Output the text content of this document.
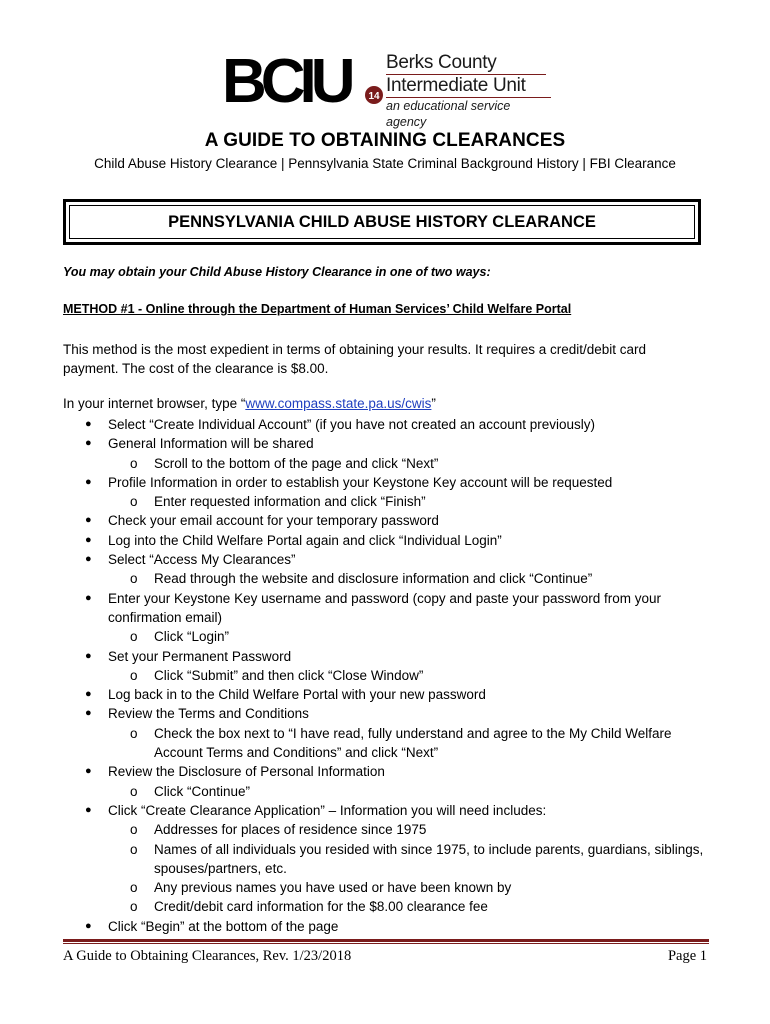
BCIU 14
Berks County
Intermediate Unit
an educational service agency
A GUIDE TO OBTAINING CLEARANCES
Child Abuse History Clearance | Pennsylvania State Criminal Background History | FBI Clearance
PENNSYLVANIA CHILD ABUSE HISTORY CLEARANCE
You may obtain your Child Abuse History Clearance in one of two ways:
METHOD #1 - Online through the Department of Human Services’ Child Welfare Portal
This method is the most expedient in terms of obtaining your results. It requires a credit/debit card payment. The cost of the clearance is $8.00.
In your internet browser, type “www.compass.state.pa.us/cwis”
● Select “Create Individual Account” (if you have not created an account previously)
● General Information will be shared
o Scroll to the bottom of the page and click “Next”
● Profile Information in order to establish your Keystone Key account will be requested
o Enter requested information and click “Finish”
● Check your email account for your temporary password
● Log into the Child Welfare Portal again and click “Individual Login”
● Select “Access My Clearances”
o Read through the website and disclosure information and click “Continue”
● Enter your Keystone Key username and password (copy and paste your password from your confirmation email)
o Click “Login”
● Set your Permanent Password
o Click “Submit” and then click “Close Window”
● Log back in to the Child Welfare Portal with your new password
● Review the Terms and Conditions
o Check the box next to “I have read, fully understand and agree to the My Child Welfare Account Terms and Conditions” and click “Next”
● Review the Disclosure of Personal Information
o Click “Continue”
● Click “Create Clearance Application” – Information you will need includes:
o Addresses for places of residence since 1975
o Names of all individuals you resided with since 1975, to include parents, guardians, siblings, spouses/partners, etc.
o Any previous names you have used or have been known by
o Credit/debit card information for the $8.00 clearance fee
● Click “Begin” at the bottom of the page
A Guide to Obtaining Clearances, Rev. 1/23/2018	Page 1
